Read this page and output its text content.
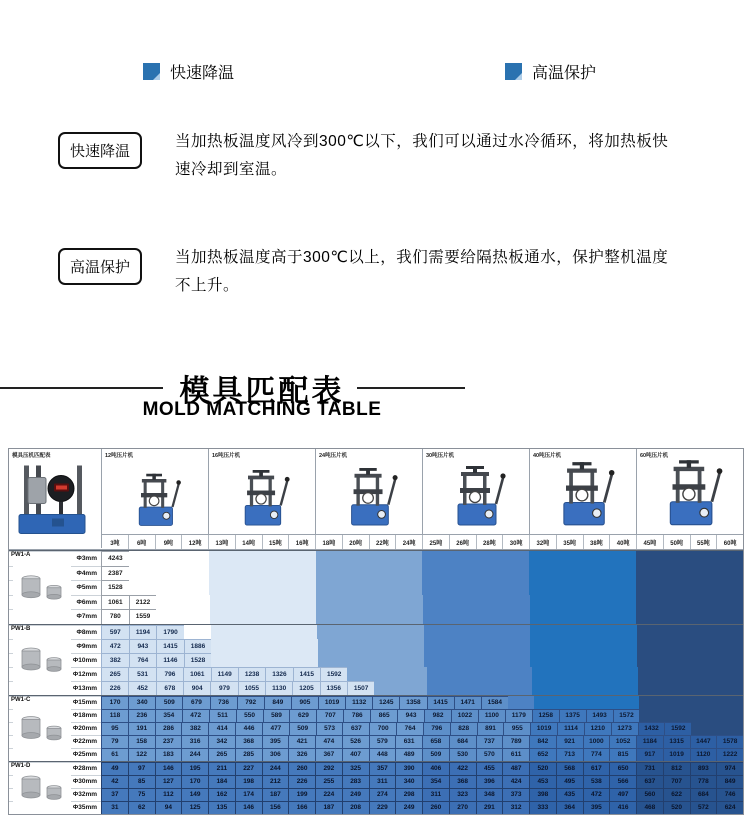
快速降温	高温保护
快速降温
当加热板温度风冷到300℃以下，我们可以通过水冷循环，将加热板快速冷却到室温。
高温保护
当加热板温度高于300℃以上，我们需要给隔热板通水，保护整机温度不上升。
模具匹配表
MOLD MATCHING TABLE
模具压机匹配表	12吨压片机	16吨压片机	24吨压片机	30吨压片机	40吨压片机	60吨压片机
3吨	6吨	9吨	12吨	13吨	14吨	15吨	16吨	18吨	20吨	22吨	24吨	25吨	26吨	28吨	30吨	32吨	35吨	38吨	40吨	45吨	50吨	55吨	60吨
PW1-A
Φ3mm	4243
Φ4mm	2387
Φ5mm	1528
Φ6mm	1061	2122
Φ7mm	780	1559
PW1-B	Φ8mm	597	1194	1790
Φ9mm	472	943	1415	1886
Φ10mm	382	764	1146	1528
Φ12mm	265	531	796	1061	1149	1238	1326	1415	1592
Φ13mm	226	452	678	904	979	1055	1130	1205	1356	1507
PW1-C	Φ15mm	170	340	509	679	736	792	849	905	1019	1132	1245	1358	1415	1471	1584
Φ18mm	118	236	354	472	511	550	589	629	707	786	865	943	982	1022	1100	1179	1258	1375	1493	1572
Φ20mm	95	191	286	382	414	446	477	509	573	637	700	764	796	828	891	955	1019	1114	1210	1273	1432	1592
Φ22mm	79	158	237	316	342	368	395	421	474	526	579	631	658	684	737	789	842	921	1000	1052	1184	1315	1447	1578
Φ25mm	61	122	183	244	265	285	306	326	367	407	448	489	509	530	570	611	652	713	774	815	917	1019	1120	1222
PW1-D	Φ28mm	49	97	146	195	211	227	244	260	292	325	357	390	406	422	455	487	520	568	617	650	731	812	893	974
Φ30mm	42	85	127	170	184	198	212	226	255	283	311	340	354	368	396	424	453	495	538	566	637	707	778	849
Φ32mm	37	75	112	149	162	174	187	199	224	249	274	298	311	323	348	373	398	435	472	497	560	622	684	746
Φ35mm	31	62	94	125	135	146	156	166	187	208	229	249	260	270	291	312	333	364	395	416	468	520	572	624
